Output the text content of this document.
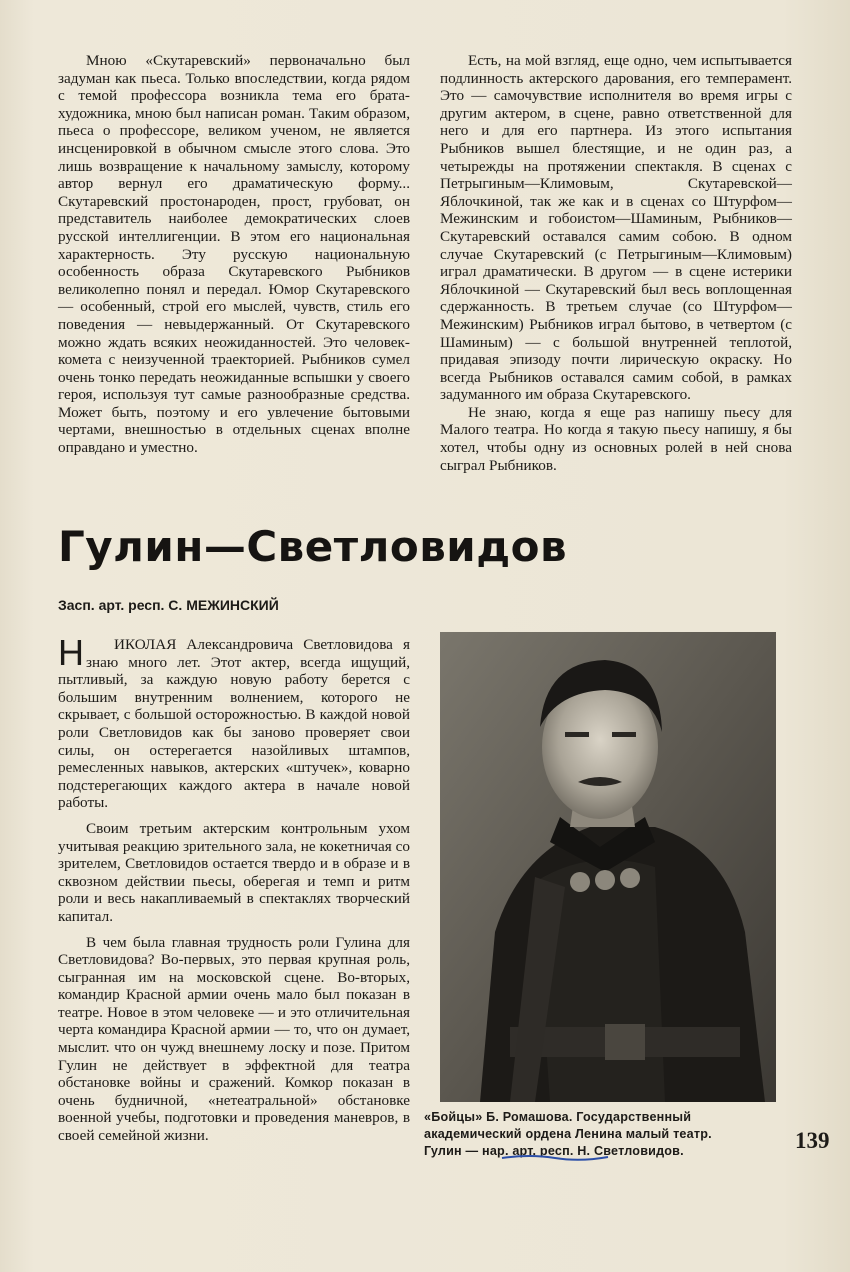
Мною «Скутаревский» первоначально был задуман как пьеса. Только впоследствии, когда рядом с темой профессора возникла тема его брата-художника, мною был написан роман. Таким образом, пьеса о профессоре, великом ученом, не является инсценировкой в обычном смысле этого слова. Это лишь возвращение к начальному замыслу, которому автор вернул его драматическую форму... Скутаревский простонароден, прост, грубоват, он представитель наиболее демократических слоев русской интеллигенции. В этом его национальная характерность. Эту русскую национальную особенность образа Скутаревского Рыбников великолепно понял и передал. Юмор Скутаревского — особенный, строй его мыслей, чувств, стиль его поведения — невыдержанный. От Скутаревского можно ждать всяких неожиданностей. Это человек-комета с неизученной траекторией. Рыбников сумел очень тонко передать неожиданные вспышки у своего героя, используя тут самые разнообразные средства. Может быть, поэтому и его увлечение бытовыми чертами, внешностью в отдельных сценах вполне оправдано и уместно.

Есть, на мой взгляд, еще одно, чем испытывается подлинность актерского дарования, его темперамент. Это — самочувствие исполнителя во время игры с другим актером, в сцене, равно ответственной для него и для его партнера. Из этого испытания Рыбников вышел блестящие, и не один раз, а четырежды на протяжении спектакля. В сценах с Петрыгиным—Климовым, Скутаревской—Яблочкиной, так же как и в сценах со Штурфом—Межинским и гобоистом—Шаминым, Рыбников—Скутаревский оставался самим собою. В одном случае Скутаревский (с Петрыгиным—Климовым) играл драматически. В другом — в сцене истерики Яблочкиной — Скутаревский был весь воплощенная сдержанность. В третьем случае (со Штурфом—Межинским) Рыбников играл бытово, в четвертом (с Шаминым) — с большой внутренней теплотой, придавая эпизоду почти лирическую окраску. Но всегда Рыбников оставался самим собой, в рамках задуманного им образа Скутаревского.

Не знаю, когда я еще раз напишу пьесу для Малого театра. Но когда я такую пьесу напишу, я бы хотел, чтобы одну из основных ролей в ней снова сыграл Рыбников.

Гулин—Светловидов
Засп. арт. респ. С. МЕЖИНСКИЙ

Н ИКОЛАЯ Александровича Светловидова я знаю много лет. Этот актер, всегда ищущий, пытливый, за каждую новую работу берется с большим внутренним волнением, которого не скрывает, с большой осторожностью. В каждой новой роли Светловидов как бы заново проверяет свои силы, он остерегается назойливых штампов, ремесленных навыков, актерских «штучек», коварно подстерегающих каждого актера в начале новой работы.

Своим третьим актерским контрольным ухом учитывая реакцию зрительного зала, не кокетничая со зрителем, Светловидов остается твердо и в образе и в сквозном действии пьесы, оберегая и темп и ритм роли и весь накапливаемый в спектаклях творческий капитал.

В чем была главная трудность роли Гулина для Светловидова? Во-первых, это первая крупная роль, сыгранная им на московской сцене. Во-вторых, командир Красной армии очень мало был показан в театре. Новое в этом человеке — и это отличительная черта командира Красной армии — то, что он думает, мыслит. что он чужд внешнему лоску и позе. Притом Гулин не действует в эффектной для театра обстановке войны и сражений. Комкор показан в очень будничной, «нетеатральной» обстановке военной учебы, подготовки и проведения маневров, в своей семейной жизни.

«Бойцы» Б. Ромашова. Государственный
академический ордена Ленина малый театр.
Гулин — нар. арт. респ. Н. Светловидов.	139
